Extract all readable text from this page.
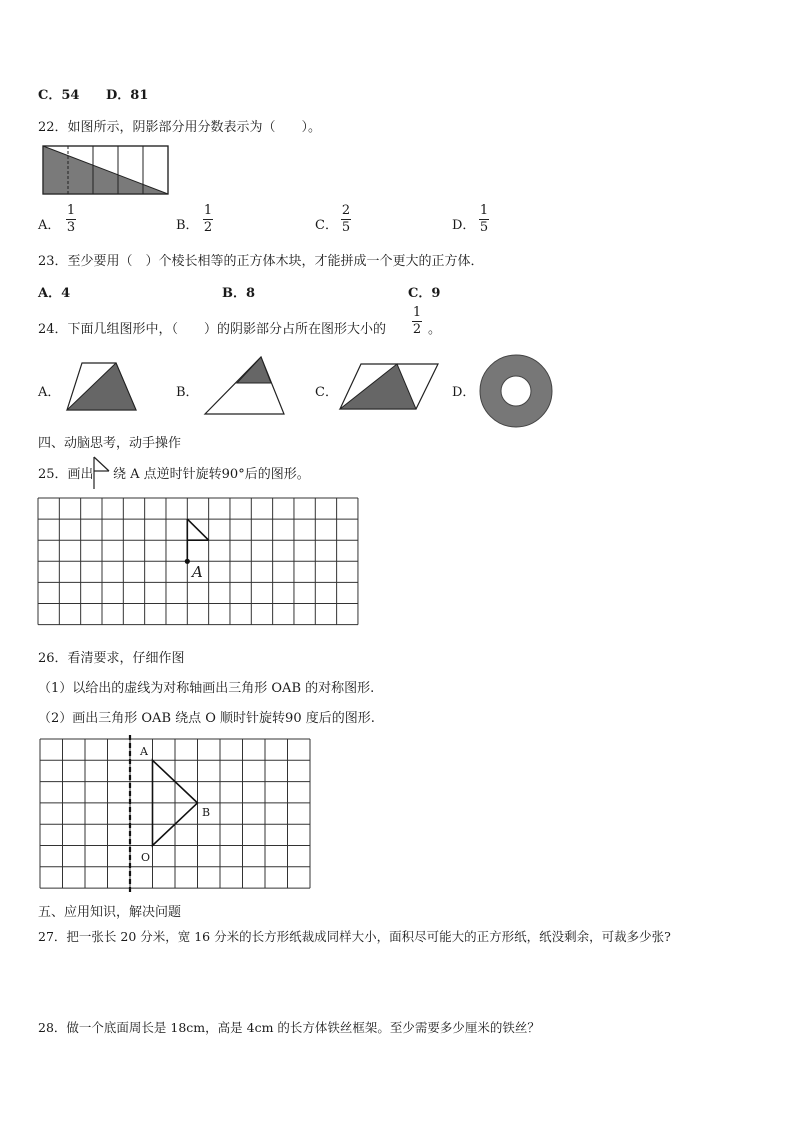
C．54 D．81
22．如图所示，阴影部分用分数表示为（　　）。
A．
1
3	B．
1
2	C．
2
5	D．
1
5
23．至少要用（　）个棱长相等的正方体木块，才能拼成一个更大的正方体．
A．4	B．8	C．9
24．下面几组图形中，（　　）的阴影部分占所在图形大小的
1
2 。
A．	B．	C．	D．
四、动脑思考，动手操作
25．画出 绕 A 点逆时针旋转90°后的图形。
A
26．看清要求，仔细作图
（1）以给出的虚线为对称轴画出三角形 OAB 的对称图形.
（2）画出三角形 OAB 绕点 O 顺时针旋转90 度后的图形.
A
B
O
五、应用知识，解决问题
27．把一张长 20 分米，宽 16 分米的长方形纸裁成同样大小，面积尽可能大的正方形纸，纸没剩余，可裁多少张?
28．做一个底面周长是 18cm，高是 4cm 的长方体铁丝框架。至少需要多少厘米的铁丝？
